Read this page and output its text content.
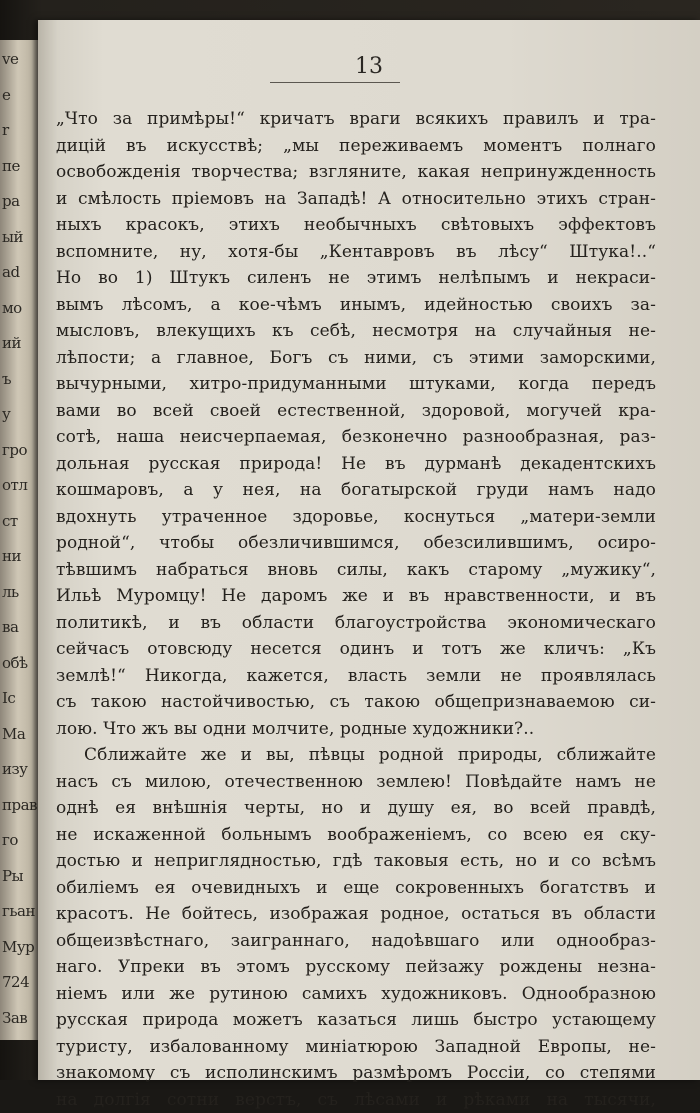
ve
e
r
пе
ра
ый
ad
мо
ий
ъ
у
гро
отл
ст
ни
ль
ва
обѣ
Ic
Ma
изу
прав
го
Ры
гьан
Мур
724
Зав
13
„Что за примѣры!“ кричатъ враги всякихъ правилъ и тра-
дицій въ искусствѣ; „мы переживаемъ моментъ полнаго
освобожденія творчества; взгляните, какая непринужденность
и смѣлость пріемовъ на Западѣ! А относительно этихъ стран-
ныхъ красокъ, этихъ необычныхъ свѣтовыхъ эффектовъ
вспомните, ну, хотя-бы „Кентавровъ въ лѣсу“ Штука!..“
Но во 1) Штукъ силенъ не этимъ нелѣпымъ и некраси-
вымъ лѣсомъ, а кое-чѣмъ инымъ, идейностью своихъ за-
мысловъ, влекущихъ къ себѣ, несмотря на случайныя не-
лѣпости; а главное, Богъ съ ними, съ этими заморскими,
вычурными, хитро-придуманными штуками, когда передъ
вами во всей своей естественной, здоровой, могучей кра-
сотѣ, наша неисчерпаемая, безконечно разнообразная, раз-
дольная русская природа! Не въ дурманѣ декадентскихъ
кошмаровъ, а у нея, на богатырской груди намъ надо
вдохнуть утраченное здоровье, коснуться „матери-земли
родной“, чтобы обезличившимся, обезсилившимъ, осиро-
тѣвшимъ набраться вновь силы, какъ старому „мужику“,
Ильѣ Муромцу! Не даромъ же и въ нравственности, и въ
политикѣ, и въ области благоустройства экономическаго
сейчасъ отовсюду несется одинъ и тотъ же кличъ: „Къ
землѣ!“ Никогда, кажется, власть земли не проявлялась
съ такою настойчивостью, съ такою общепризнаваемою си-
лою. Что жъ вы одни молчите, родные художники?..
Сближайте же и вы, пѣвцы родной природы, сближайте
насъ съ милою, отечественною землею! Повѣдайте намъ не
однѣ ея внѣшнія черты, но и душу ея, во всей правдѣ,
не искаженной больнымъ воображеніемъ, со всею ея ску-
достью и неприглядностью, гдѣ таковыя есть, но и со всѣмъ
обиліемъ ея очевидныхъ и еще сокровенныхъ богатствъ и
красотъ. Не бойтесь, изображая родное, остаться въ области
общеизвѣстнаго, заиграннаго, надоѣвшаго или однообраз-
наго. Упреки въ этомъ русскому пейзажу рождены незна-
ніемъ или же рутиною самихъ художниковъ. Однообразною
русская природа можетъ казаться лишь быстро устающему
туристу, избалованному миніатюрою Западной Европы, не-
знакомому съ исполинскимъ размѣромъ Россіи, со степями
на долгія сотни верстъ, съ лѣсами и рѣками на тысячи,
